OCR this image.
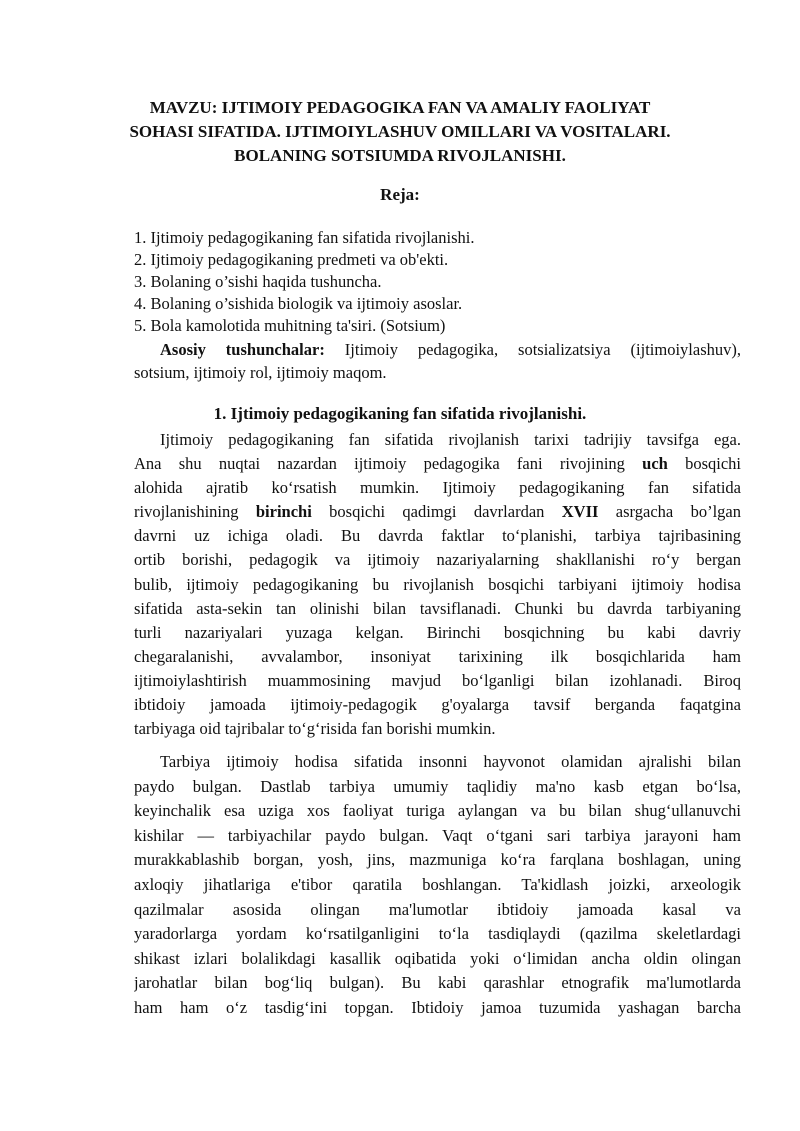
MAVZU: IJTIMOIY PEDAGOGIKA FAN VA AMALIY FAOLIYAT
SOHASI SIFATIDA. IJTIMOIYLASHUV OMILLARI VA VOSITALARI.
BOLANING SOTSIUMDA RIVOJLANISHI.
Reja:
1. Ijtimoiy pedagogikaning fan sifatida rivojlanishi.
2. Ijtimoiy pedagogikaning predmeti va ob'ekti.
3. Bolaning o’sishi haqida tushuncha.
4. Bolaning o’sishida biologik va ijtimoiy asoslar.
5. Bola kamolotida muhitning ta'siri. (Sotsium)
Asosiy tushunchalar: Ijtimoiy pedagogika, sotsializatsiya (ijtimoiylashuv),
sotsium, ijtimoiy rol, ijtimoiy maqom.
1. Ijtimoiy pedagogikaning fan sifatida rivojlanishi.
Ijtimoiy pedagogikaning fan sifatida rivojlanish tarixi tadrijiy tavsifga ega.
Ana shu nuqtai nazardan ijtimoiy pedagogika fani rivojining uch bosqichi
alohida ajratib ko‘rsatish mumkin. Ijtimoiy pedagogikaning fan sifatida
rivojlanishining birinchi bosqichi qadimgi davrlardan XVII asrgacha bo’lgan
davrni uz ichiga oladi. Bu davrda faktlar to‘planishi, tarbiya tajribasining
ortib borishi, pedagogik va ijtimoiy nazariyalarning shakllanishi ro‘y bergan
bulib, ijtimoiy pedagogikaning bu rivojlanish bosqichi tarbiyani ijtimoiy hodisa
sifatida asta-sekin tan olinishi bilan tavsiflanadi. Chunki bu davrda tarbiyaning
turli nazariyalari yuzaga kelgan. Birinchi bosqichning bu kabi davriy
chegaralanishi, avvalambor, insoniyat tarixining ilk bosqichlarida ham
ijtimoiylashtirish muammosining mavjud bo‘lganligi bilan izohlanadi. Biroq
ibtidoiy jamoada ijtimoiy-pedagogik g'oyalarga tavsif berganda faqatgina
tarbiyaga oid tajribalar to‘g‘risida fan borishi mumkin.
Tarbiya ijtimoiy hodisa sifatida insonni hayvonot olamidan ajralishi bilan
paydo bulgan. Dastlab tarbiya umumiy taqlidiy ma'no kasb etgan bo‘lsa,
keyinchalik esa uziga xos faoliyat turiga aylangan va bu bilan shug‘ullanuvchi
kishilar — tarbiyachilar paydo bulgan. Vaqt o‘tgani sari tarbiya jarayoni ham
murakkablashib borgan, yosh, jins, mazmuniga ko‘ra farqlana boshlagan, uning
axloqiy jihatlariga e'tibor qaratila boshlangan. Ta'kidlash joizki, arxeologik
qazilmalar asosida olingan ma'lumotlar ibtidoiy jamoada kasal va
yaradorlarga yordam ko‘rsatilganligini to‘la tasdiqlaydi (qazilma skeletlardagi
shikast izlari bolalikdagi kasallik oqibatida yoki o‘limidan ancha oldin olingan
jarohatlar bilan bog‘liq bulgan). Bu kabi qarashlar etnografik ma'lumotlarda
ham ham o‘z tasdig‘ini topgan. Ibtidoiy jamoa tuzumida yashagan barcha
